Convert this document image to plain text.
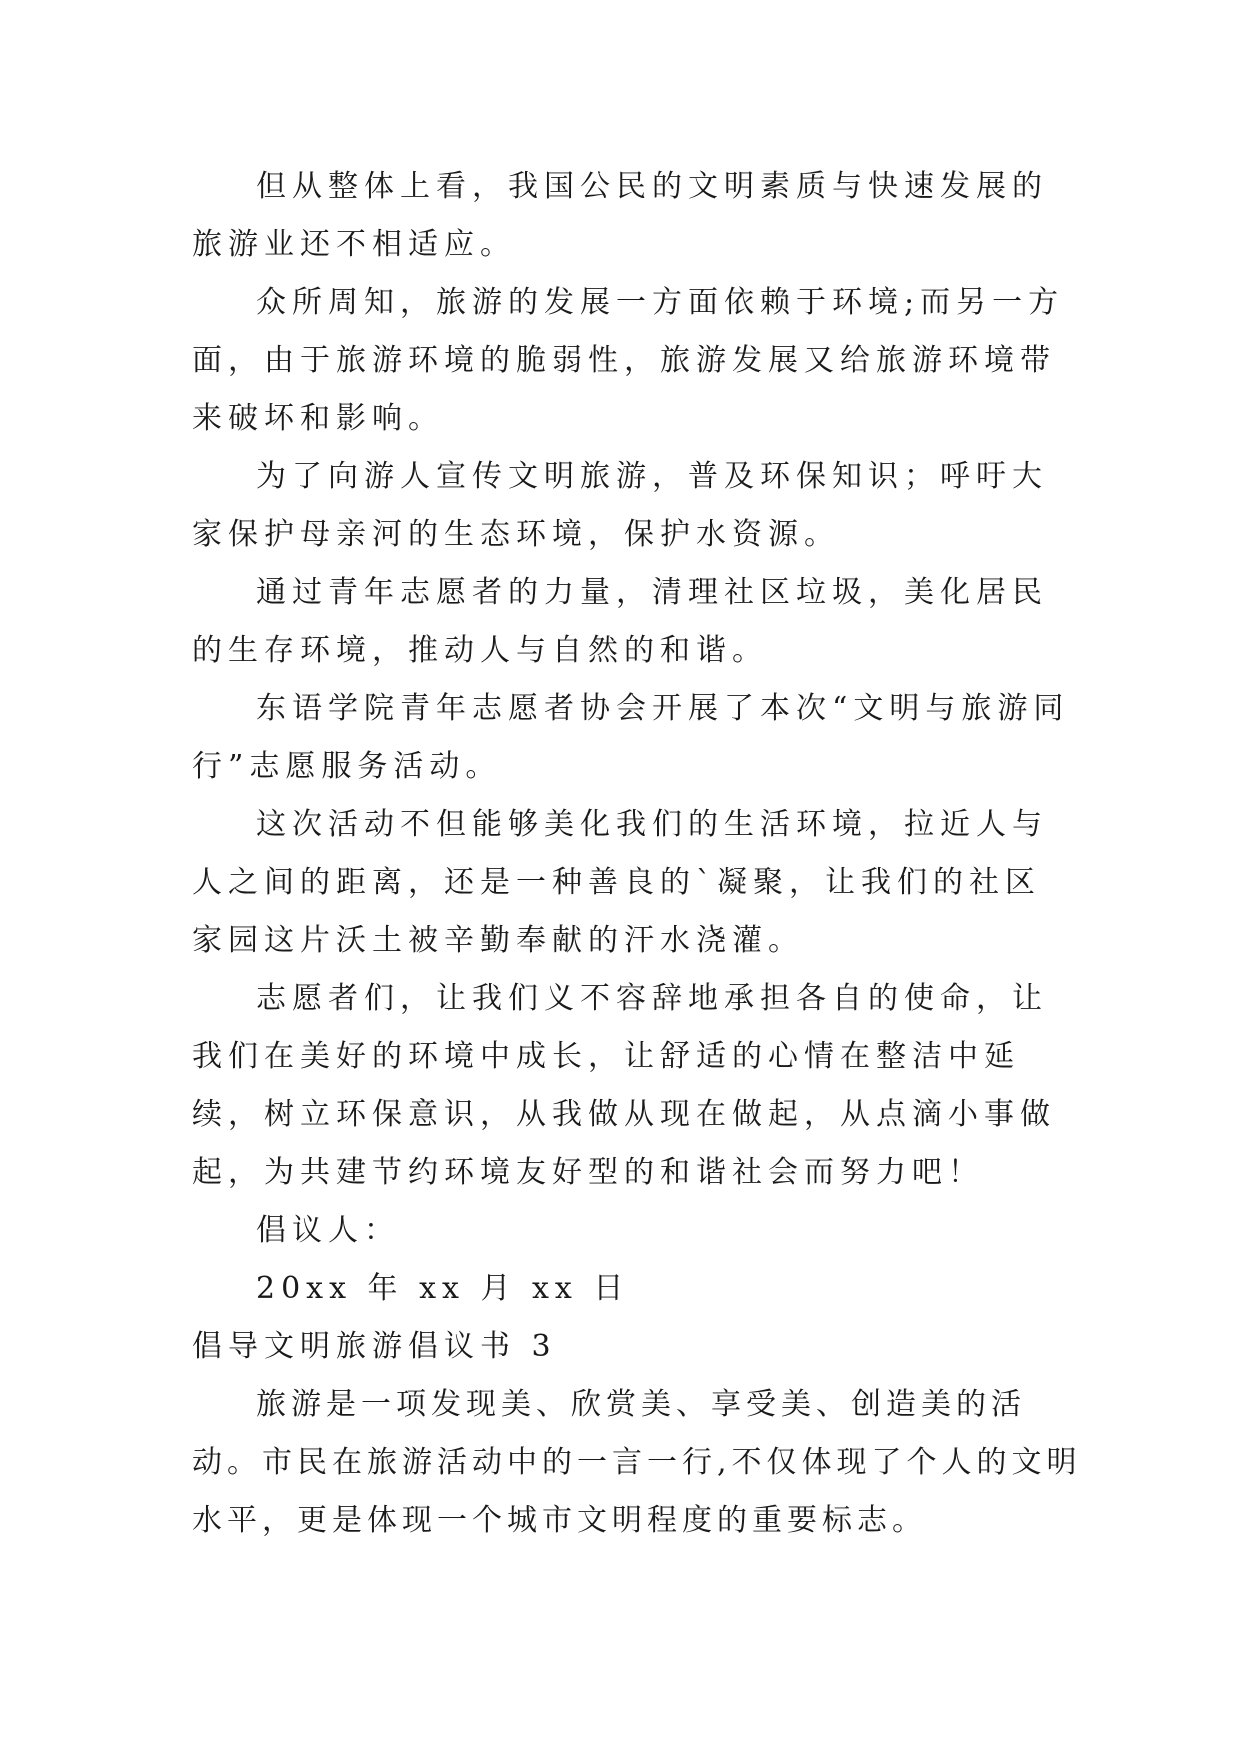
但从整体上看，我国公民的文明素质与快速发展的旅游业还不相适应。

众所周知，旅游的发展一方面依赖于环境;而另一方面，由于旅游环境的脆弱性，旅游发展又给旅游环境带来破坏和影响。

为了向游人宣传文明旅游，普及环保知识；呼吁大家保护母亲河的生态环境，保护水资源。

通过青年志愿者的力量，清理社区垃圾，美化居民的生存环境，推动人与自然的和谐。

东语学院青年志愿者协会开展了本次“文明与旅游同行”志愿服务活动。

这次活动不但能够美化我们的生活环境，拉近人与人之间的距离，还是一种善良的`凝聚，让我们的社区家园这片沃土被辛勤奉献的汗水浇灌。

志愿者们，让我们义不容辞地承担各自的使命，让我们在美好的环境中成长，让舒适的心情在整洁中延续，树立环保意识，从我做从现在做起，从点滴小事做起，为共建节约环境友好型的和谐社会而努力吧！

倡议人：

20xx 年 xx 月 xx 日

倡导文明旅游倡议书 3

旅游是一项发现美、欣赏美、享受美、创造美的活动。市民在旅游活动中的一言一行,不仅体现了个人的文明水平，更是体现一个城市文明程度的重要标志。
